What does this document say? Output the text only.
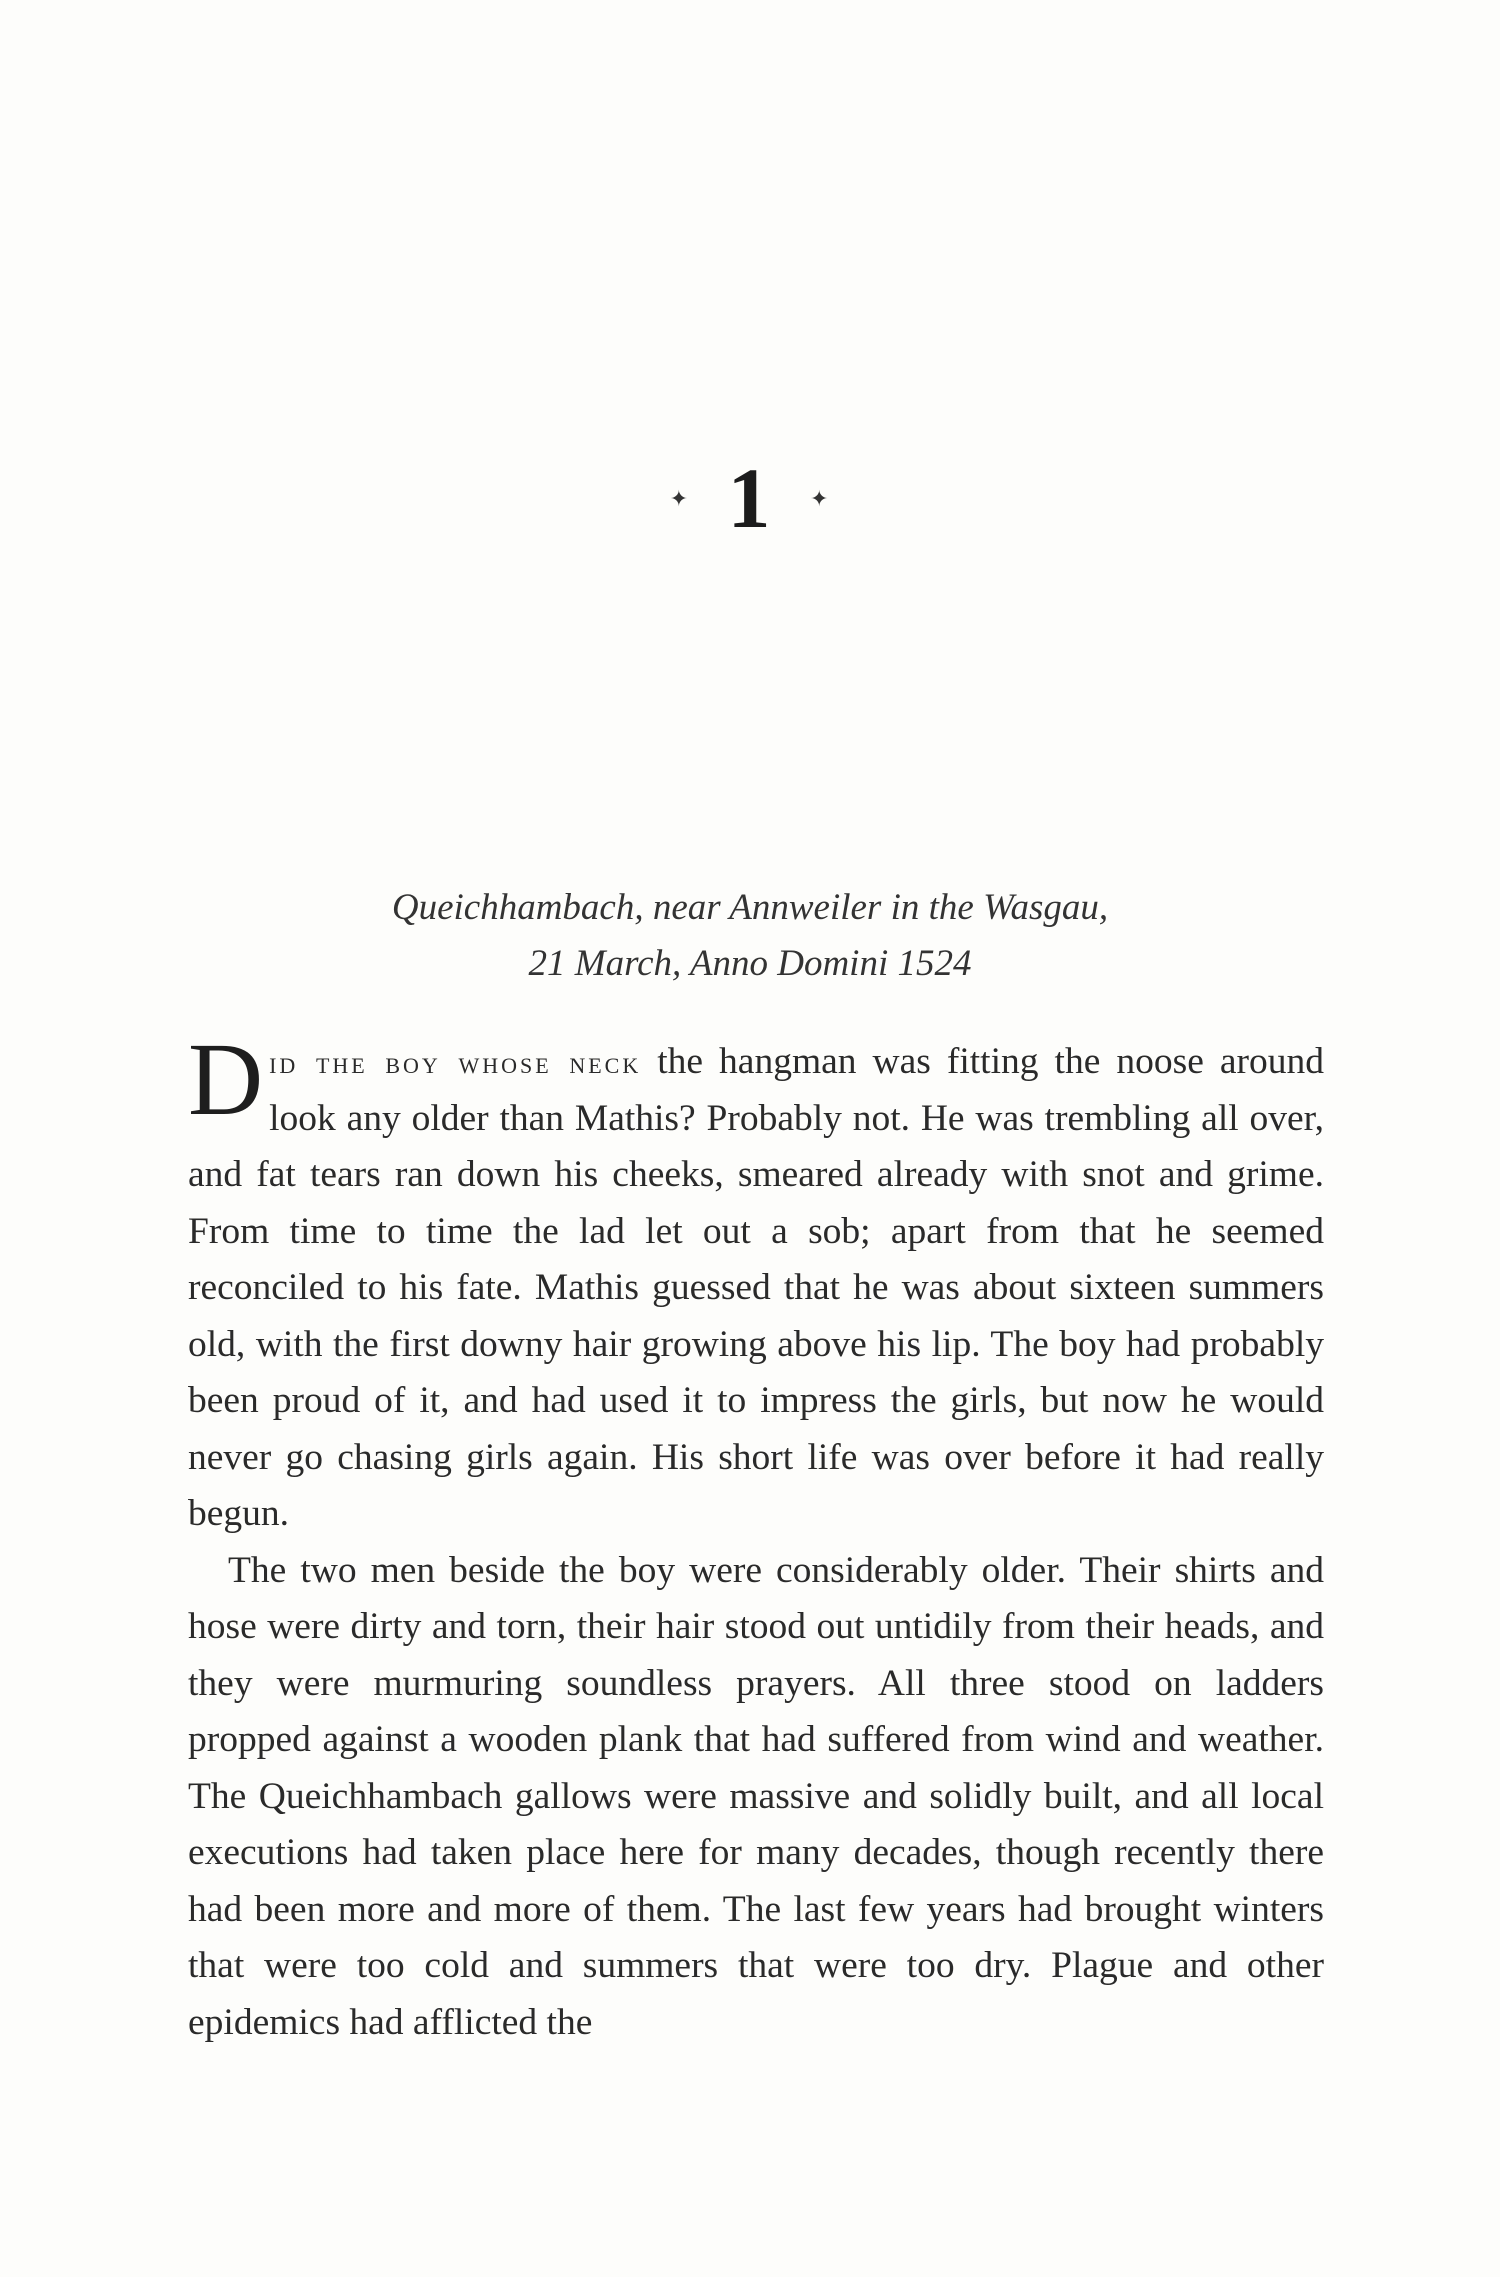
✦ 1 ✦
Queichhambach, near Annweiler in the Wasgau,
21 March, Anno Domini 1524

Did the boy whose neck the hangman was fitting the noose around look any older than Mathis? Probably not. He was trembling all over, and fat tears ran down his cheeks, smeared already with snot and grime. From time to time the lad let out a sob; apart from that he seemed reconciled to his fate. Mathis guessed that he was about sixteen summers old, with the first downy hair growing above his lip. The boy had probably been proud of it, and had used it to impress the girls, but now he would never go chasing girls again. His short life was over before it had really begun.

The two men beside the boy were considerably older. Their shirts and hose were dirty and torn, their hair stood out untidily from their heads, and they were murmuring soundless prayers. All three stood on ladders propped against a wooden plank that had suffered from wind and weather. The Queichhambach gallows were massive and solidly built, and all local executions had taken place here for many decades, though recently there had been more and more of them. The last few years had brought winters that were too cold and summers that were too dry. Plague and other epidemics had afflicted the
